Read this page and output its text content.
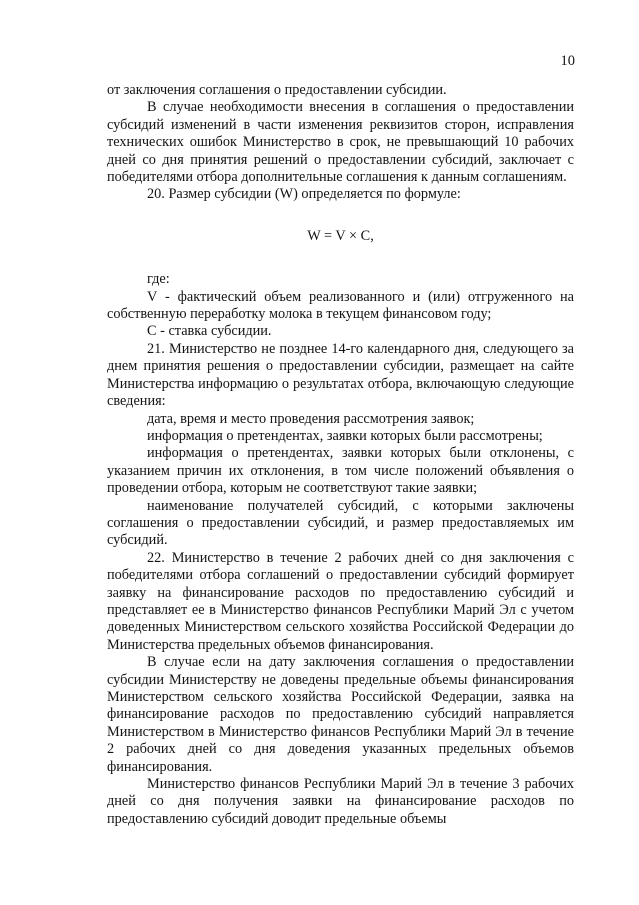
10

от заключения соглашения о предоставлении субсидии.

В случае необходимости внесения в соглашения о предоставлении субсидий изменений в части изменения реквизитов сторон, исправления технических ошибок Министерство в срок, не превышающий 10 рабочих дней со дня принятия решений о предоставлении субсидий, заключает с победителями отбора дополнительные соглашения к данным соглашениям.

20. Размер субсидии (W) определяется по формуле:

W = V × C,

где:

V - фактический объем реализованного и (или) отгруженного на собственную переработку молока в текущем финансовом году;

C - ставка субсидии.

21. Министерство не позднее 14-го календарного дня, следующего за днем принятия решения о предоставлении субсидии, размещает на сайте Министерства информацию о результатах отбора, включающую следующие сведения:

дата, время и место проведения рассмотрения заявок;

информация о претендентах, заявки которых были рассмотрены;

информация о претендентах, заявки которых были отклонены, с указанием причин их отклонения, в том числе положений объявления о проведении отбора, которым не соответствуют такие заявки;

наименование получателей субсидий, с которыми заключены соглашения о предоставлении субсидий, и размер предоставляемых им субсидий.

22. Министерство в течение 2 рабочих дней со дня заключения с победителями отбора соглашений о предоставлении субсидий формирует заявку на финансирование расходов по предоставлению субсидий и представляет ее в Министерство финансов Республики Марий Эл с учетом доведенных Министерством сельского хозяйства Российской Федерации до Министерства предельных объемов финансирования.

В случае если на дату заключения соглашения о предоставлении субсидии Министерству не доведены предельные объемы финансирования Министерством сельского хозяйства Российской Федерации, заявка на финансирование расходов по предоставлению субсидий направляется Министерством в Министерство финансов Республики Марий Эл в течение 2 рабочих дней со дня доведения указанных предельных объемов финансирования.

Министерство финансов Республики Марий Эл в течение 3 рабочих дней со дня получения заявки на финансирование расходов по предоставлению субсидий доводит предельные объемы
